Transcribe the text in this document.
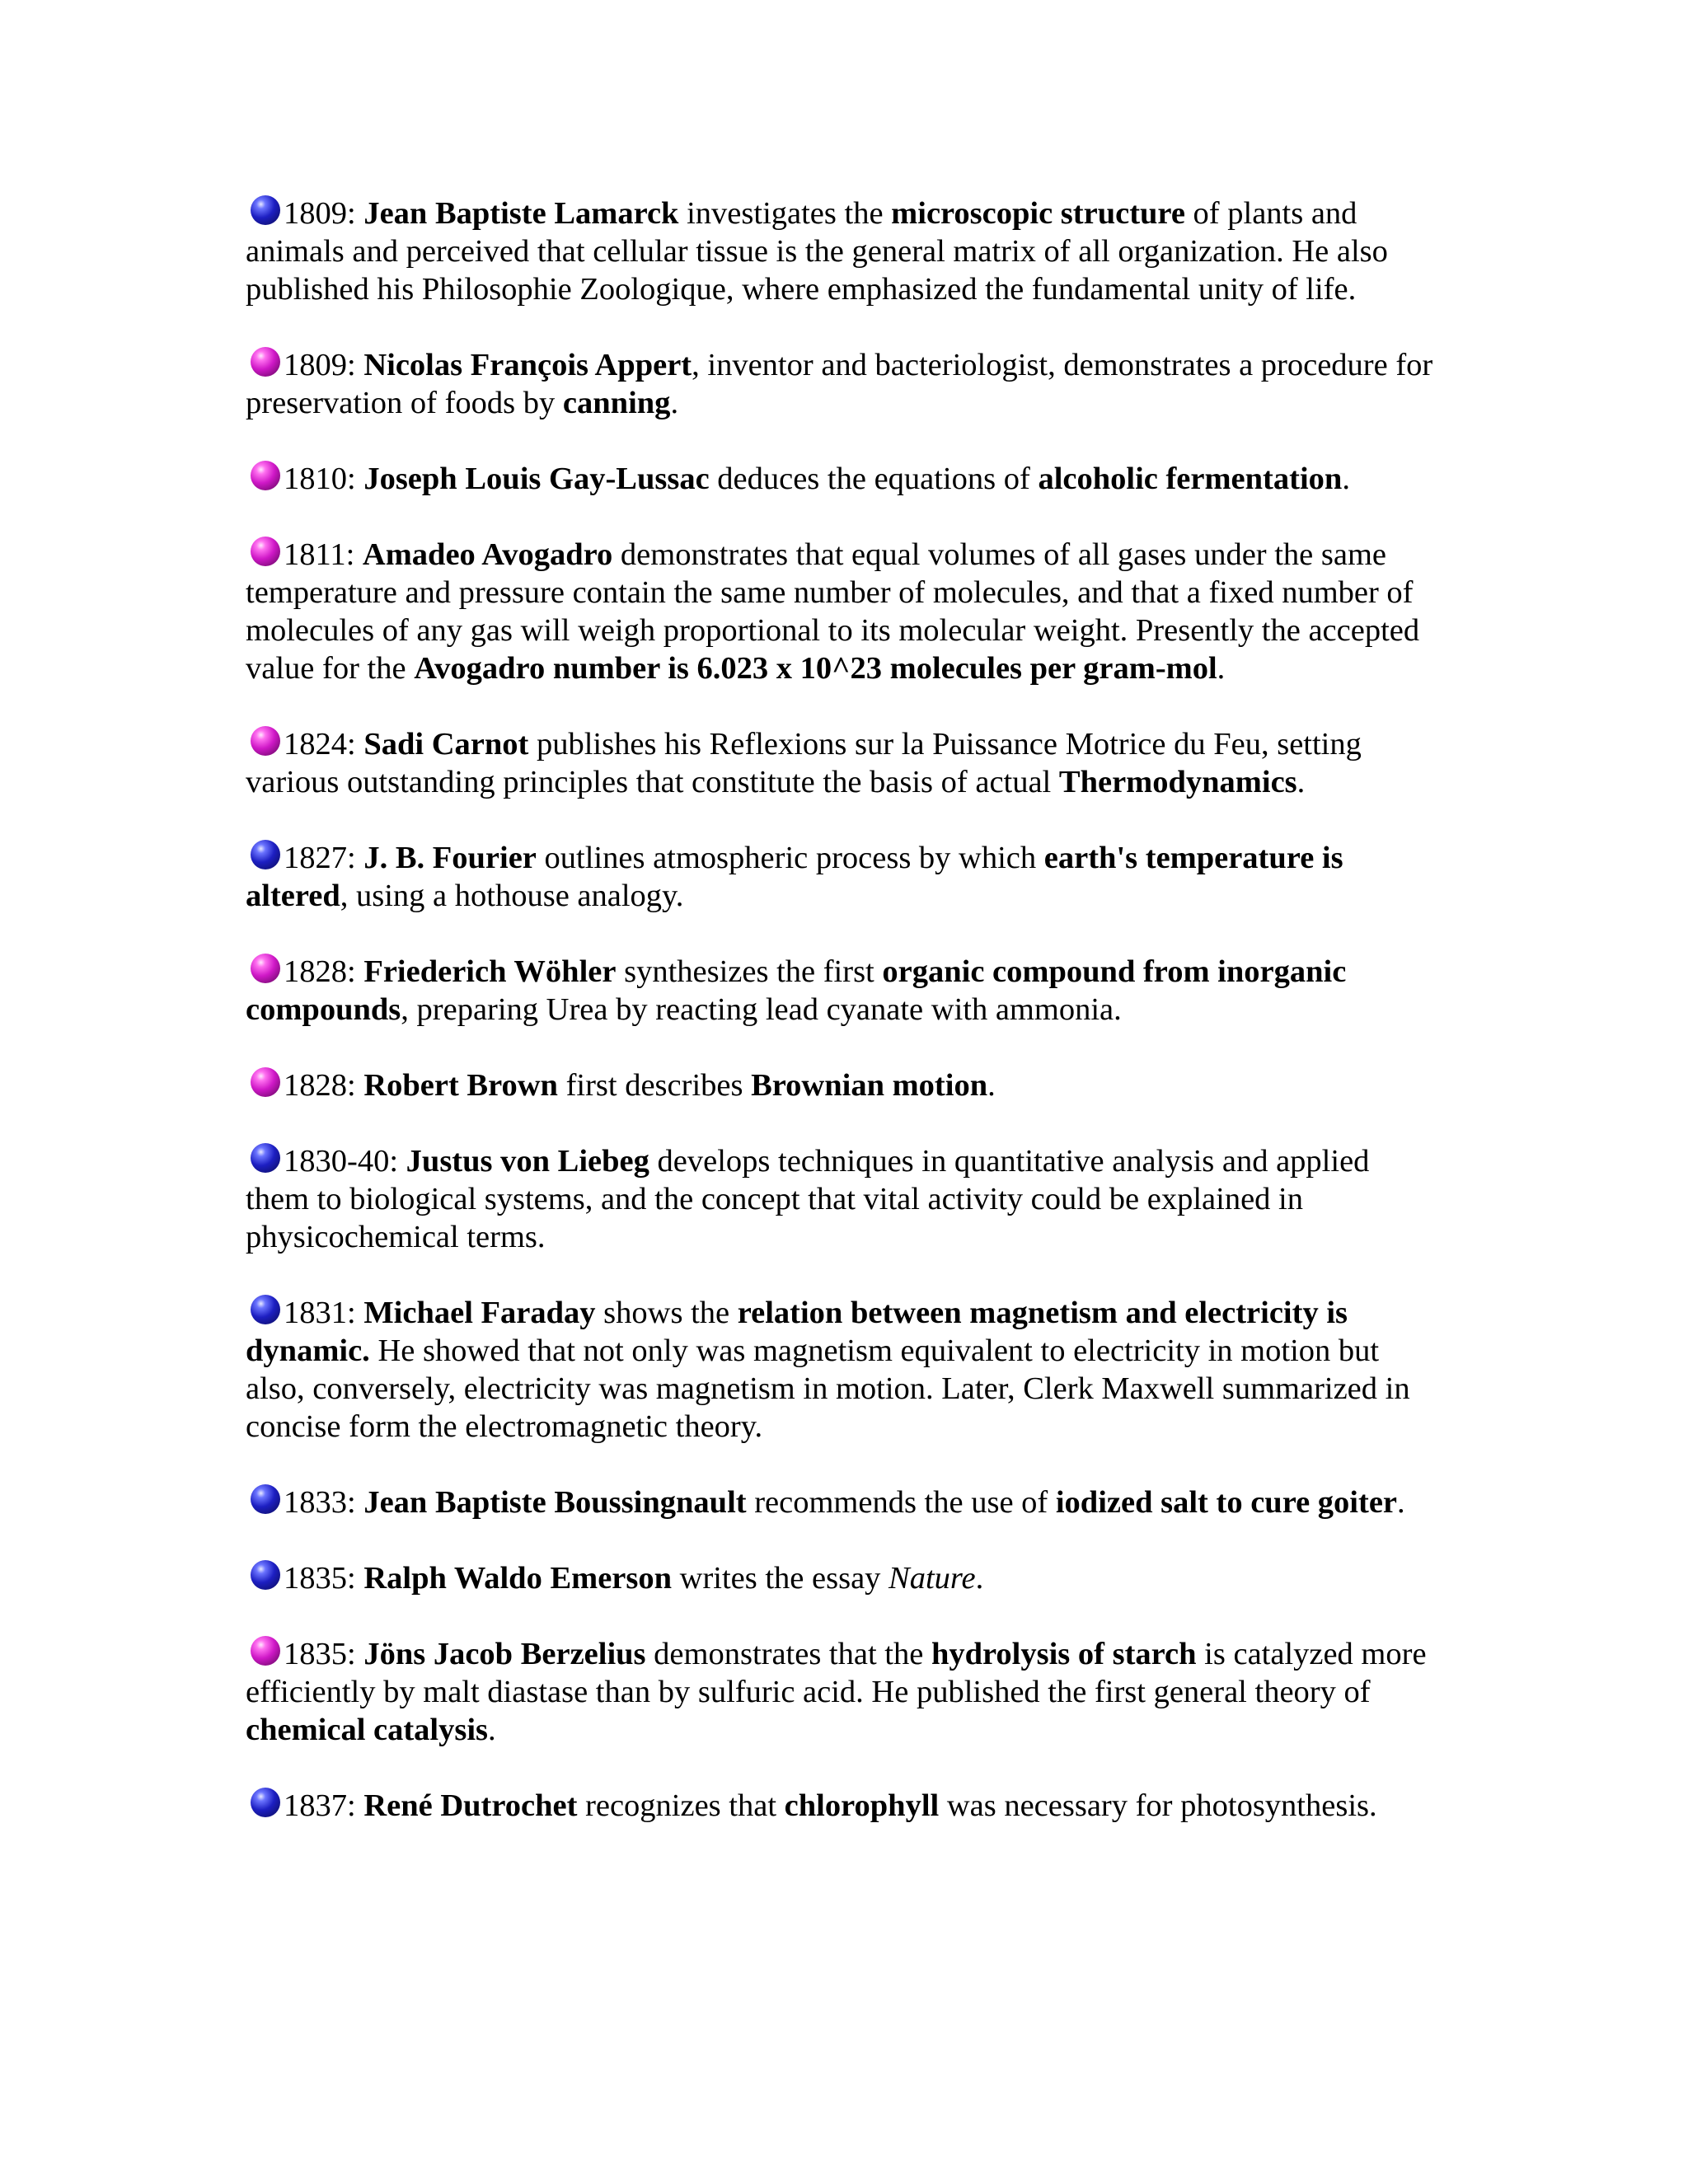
1809: Jean Baptiste Lamarck investigates the microscopic structure of plants and animals and perceived that cellular tissue is the general matrix of all organization. He also published his Philosophie Zoologique, where emphasized the fundamental unity of life.

1809: Nicolas François Appert, inventor and bacteriologist, demonstrates a procedure for preservation of foods by canning.

1810: Joseph Louis Gay-Lussac deduces the equations of alcoholic fermentation.

1811: Amadeo Avogadro demonstrates that equal volumes of all gases under the same temperature and pressure contain the same number of molecules, and that a fixed number of molecules of any gas will weigh proportional to its molecular weight. Presently the accepted value for the Avogadro number is 6.023 x 10^23 molecules per gram-mol.

1824: Sadi Carnot publishes his Reflexions sur la Puissance Motrice du Feu, setting various outstanding principles that constitute the basis of actual Thermodynamics.

1827: J. B. Fourier outlines atmospheric process by which earth's temperature is altered, using a hothouse analogy.

1828: Friederich Wöhler synthesizes the first organic compound from inorganic compounds, preparing Urea by reacting lead cyanate with ammonia.

1828: Robert Brown first describes Brownian motion.

1830-40: Justus von Liebeg develops techniques in quantitative analysis and applied them to biological systems, and the concept that vital activity could be explained in physicochemical terms.

1831: Michael Faraday shows the relation between magnetism and electricity is dynamic. He showed that not only was magnetism equivalent to electricity in motion but also, conversely, electricity was magnetism in motion. Later, Clerk Maxwell summarized in concise form the electromagnetic theory.

1833: Jean Baptiste Boussingnault recommends the use of iodized salt to cure goiter.

1835: Ralph Waldo Emerson writes the essay Nature.

1835: Jöns Jacob Berzelius demonstrates that the hydrolysis of starch is catalyzed more efficiently by malt diastase than by sulfuric acid. He published the first general theory of chemical catalysis.

1837: René Dutrochet recognizes that chlorophyll was necessary for photosynthesis.
